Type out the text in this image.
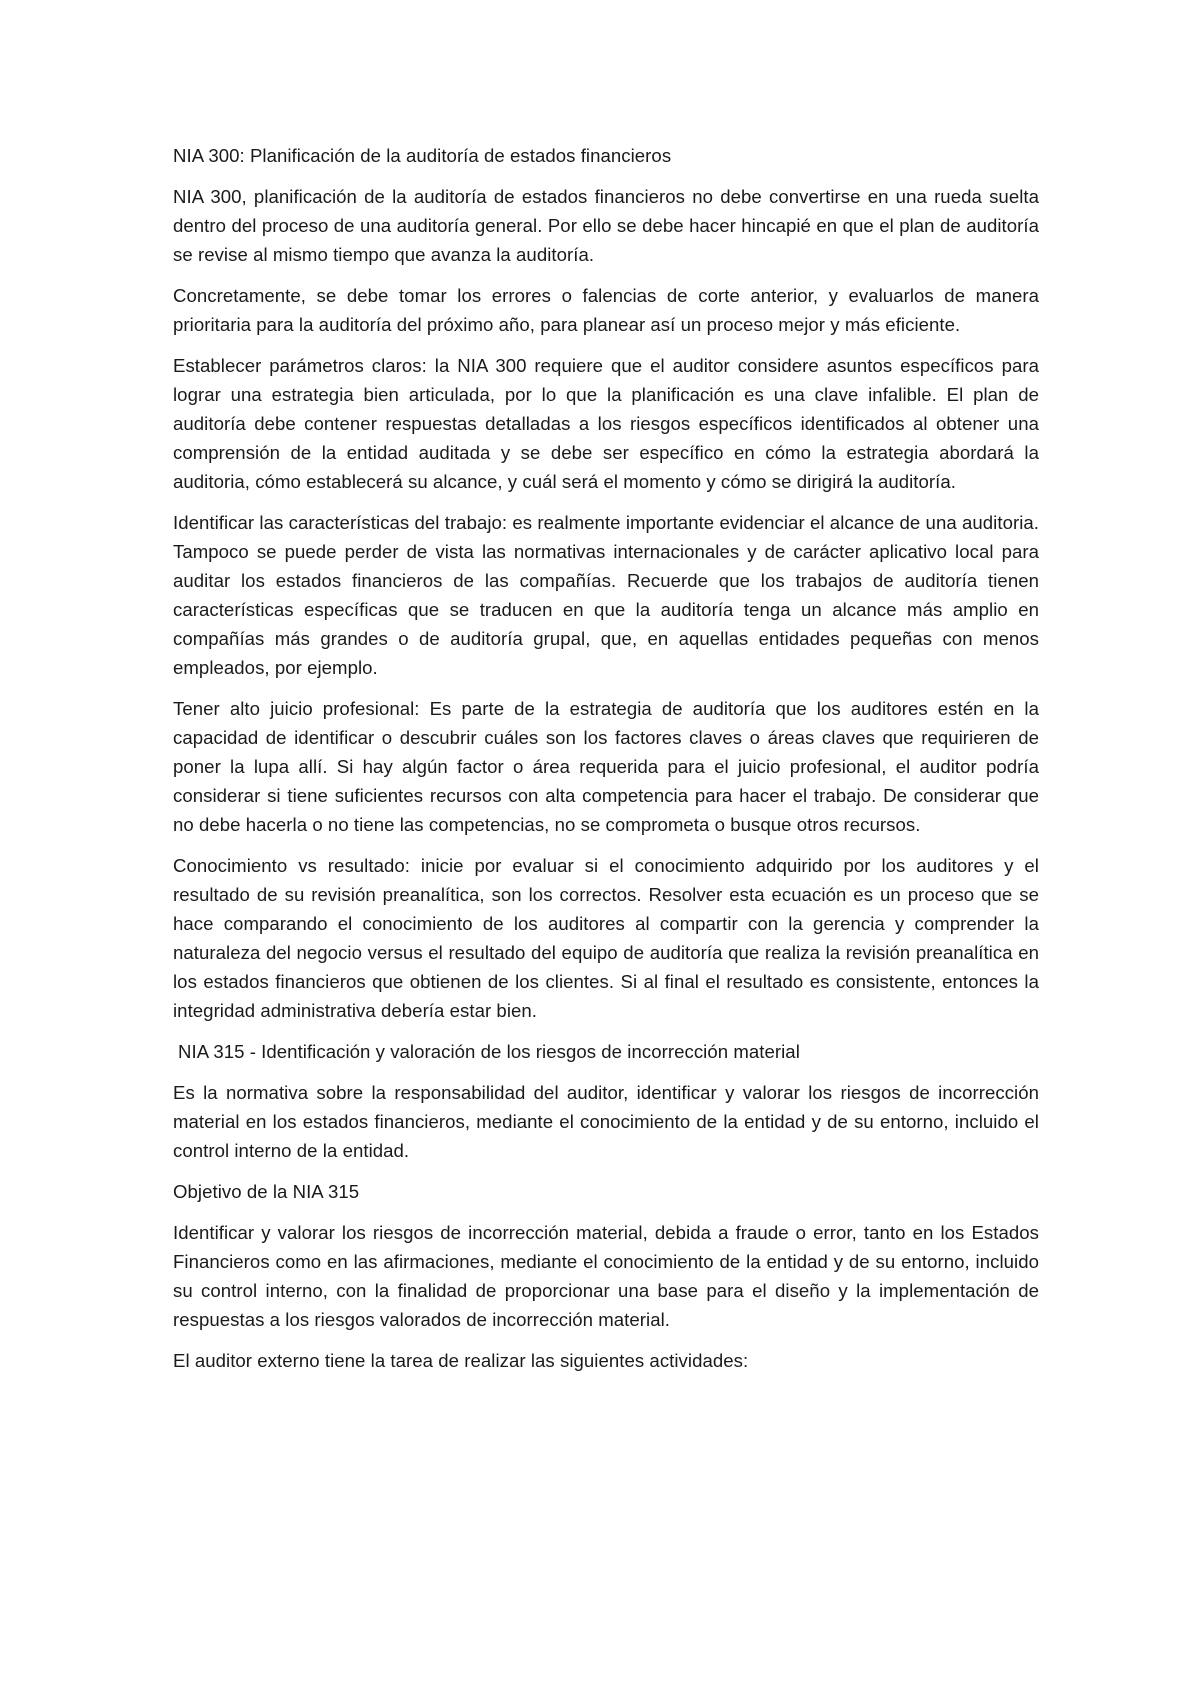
NIA 300: Planificación de la auditoría de estados financieros

NIA 300, planificación de la auditoría de estados financieros no debe convertirse en una rueda suelta dentro del proceso de una auditoría general. Por ello se debe hacer hincapié en que el plan de auditoría se revise al mismo tiempo que avanza la auditoría.

Concretamente, se debe tomar los errores o falencias de corte anterior, y evaluarlos de manera prioritaria para la auditoría del próximo año, para planear así un proceso mejor y más eficiente.

Establecer parámetros claros: la NIA 300 requiere que el auditor considere asuntos específicos para lograr una estrategia bien articulada, por lo que la planificación es una clave infalible. El plan de auditoría debe contener respuestas detalladas a los riesgos específicos identificados al obtener una comprensión de la entidad auditada y se debe ser específico en cómo la estrategia abordará la auditoria, cómo establecerá su alcance, y cuál será el momento y cómo se dirigirá la auditoría.

Identificar las características del trabajo: es realmente importante evidenciar el alcance de una auditoria. Tampoco se puede perder de vista las normativas internacionales y de carácter aplicativo local para auditar los estados financieros de las compañías. Recuerde que los trabajos de auditoría tienen características específicas que se traducen en que la auditoría tenga un alcance más amplio en compañías más grandes o de auditoría grupal, que, en aquellas entidades pequeñas con menos empleados, por ejemplo.

Tener alto juicio profesional: Es parte de la estrategia de auditoría que los auditores estén en la capacidad de identificar o descubrir cuáles son los factores claves o áreas claves que requirieren de poner la lupa allí. Si hay algún factor o área requerida para el juicio profesional, el auditor podría considerar si tiene suficientes recursos con alta competencia para hacer el trabajo. De considerar que no debe hacerla o no tiene las competencias, no se comprometa o busque otros recursos.

Conocimiento vs resultado: inicie por evaluar si el conocimiento adquirido por los auditores y el resultado de su revisión preanalítica, son los correctos. Resolver esta ecuación es un proceso que se hace comparando el conocimiento de los auditores al compartir con la gerencia y comprender la naturaleza del negocio versus el resultado del equipo de auditoría que realiza la revisión preanalítica en los estados financieros que obtienen de los clientes. Si al final el resultado es consistente, entonces la integridad administrativa debería estar bien.

NIA 315 - Identificación y valoración de los riesgos de incorrección material

Es la normativa sobre la responsabilidad del auditor, identificar y valorar los riesgos de incorrección material en los estados financieros, mediante el conocimiento de la entidad y de su entorno, incluido el control interno de la entidad.

Objetivo de la NIA 315

Identificar y valorar los riesgos de incorrección material, debida a fraude o error, tanto en los Estados Financieros como en las afirmaciones, mediante el conocimiento de la entidad y de su entorno, incluido su control interno, con la finalidad de proporcionar una base para el diseño y la implementación de respuestas a los riesgos valorados de incorrección material.

El auditor externo tiene la tarea de realizar las siguientes actividades:
